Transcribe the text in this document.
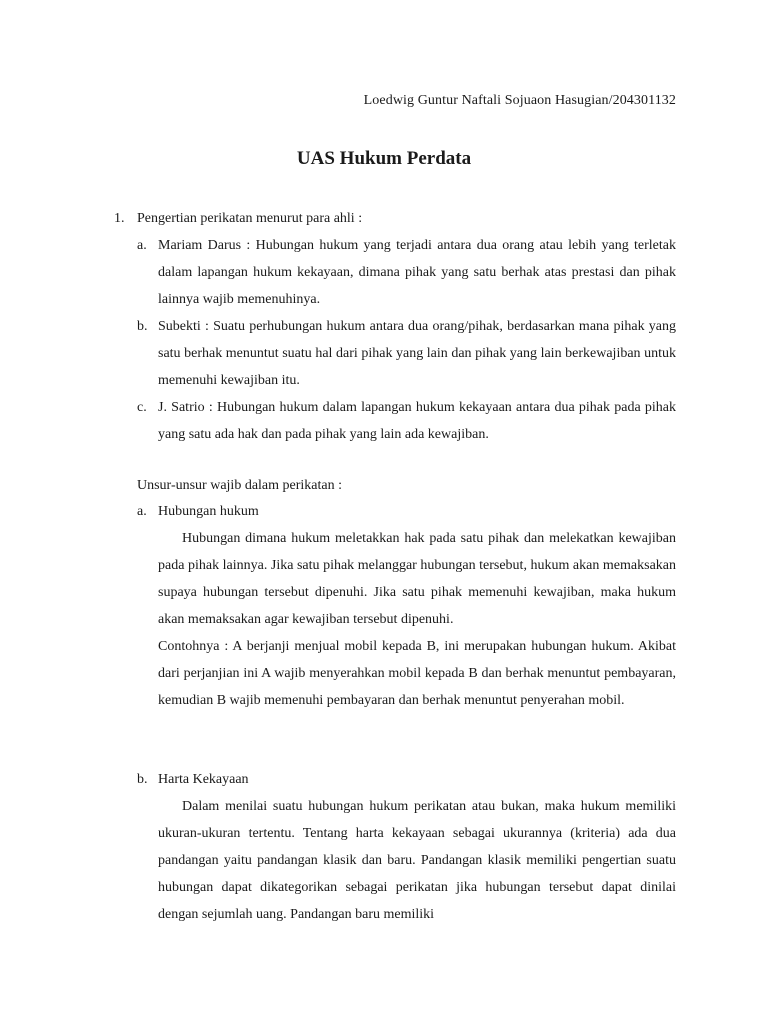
Loedwig Guntur Naftali Sojuaon Hasugian/204301132
UAS Hukum Perdata
1. Pengertian perikatan menurut para ahli :
a. Mariam Darus : Hubungan hukum yang terjadi antara dua orang atau lebih yang terletak dalam lapangan hukum kekayaan, dimana pihak yang satu berhak atas prestasi dan pihak lainnya wajib memenuhinya.

b. Subekti : Suatu perhubungan hukum antara dua orang/pihak, berdasarkan mana pihak yang satu berhak menuntut suatu hal dari pihak yang lain dan pihak yang lain berkewajiban untuk memenuhi kewajiban itu.

c. J. Satrio : Hubungan hukum dalam lapangan hukum kekayaan antara dua pihak pada pihak yang satu ada hak dan pada pihak yang lain ada kewajiban.

Unsur-unsur wajib dalam perikatan :
a. Hubungan hukum

Hubungan dimana hukum meletakkan hak pada satu pihak dan melekatkan kewajiban pada pihak lainnya. Jika satu pihak melanggar hubungan tersebut, hukum akan memaksakan supaya hubungan tersebut dipenuhi. Jika satu pihak memenuhi kewajiban, maka hukum akan memaksakan agar kewajiban tersebut dipenuhi.

Contohnya : A berjanji menjual mobil kepada B, ini merupakan hubungan hukum. Akibat dari perjanjian ini A wajib menyerahkan mobil kepada B dan berhak menuntut pembayaran, kemudian B wajib memenuhi pembayaran dan berhak menuntut penyerahan mobil.

b. Harta Kekayaan

Dalam menilai suatu hubungan hukum perikatan atau bukan, maka hukum memiliki ukuran-ukuran tertentu. Tentang harta kekayaan sebagai ukurannya (kriteria) ada dua pandangan yaitu pandangan klasik dan baru. Pandangan klasik memiliki pengertian suatu hubungan dapat dikategorikan sebagai perikatan jika hubungan tersebut dapat dinilai dengan sejumlah uang. Pandangan baru memiliki
